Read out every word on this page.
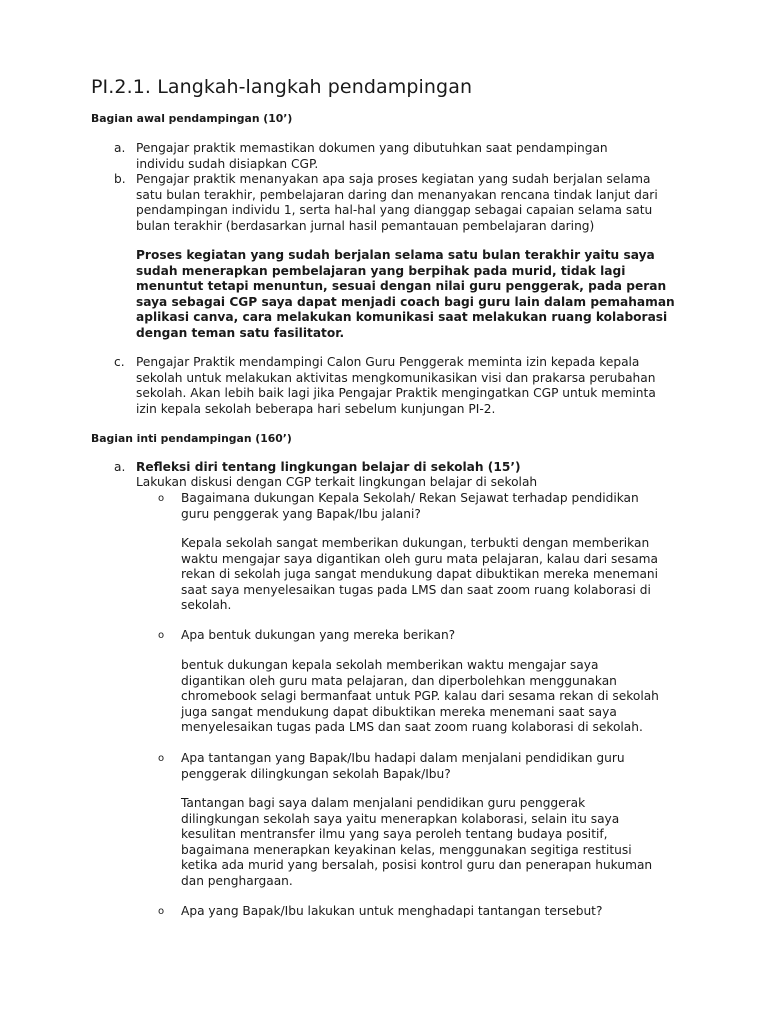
PI.2.1. Langkah-langkah pendampingan
Bagian awal pendampingan (10’)
a. Pengajar praktik memastikan dokumen yang dibutuhkan saat pendampingan
individu sudah disiapkan CGP.
b. Pengajar praktik menanyakan apa saja proses kegiatan yang sudah berjalan selama
satu bulan terakhir, pembelajaran daring dan menanyakan rencana tindak lanjut dari
pendampingan individu 1, serta hal-hal yang dianggap sebagai capaian selama satu
bulan terakhir (berdasarkan jurnal hasil pemantauan pembelajaran daring)
Proses kegiatan yang sudah berjalan selama satu bulan terakhir yaitu saya
sudah menerapkan pembelajaran yang berpihak pada murid, tidak lagi
menuntut tetapi menuntun, sesuai dengan nilai guru penggerak, pada peran
saya sebagai CGP saya dapat menjadi coach bagi guru lain dalam pemahaman
aplikasi canva, cara melakukan komunikasi saat melakukan ruang kolaborasi
dengan teman satu fasilitator.
c. Pengajar Praktik mendampingi Calon Guru Penggerak meminta izin kepada kepala
sekolah untuk melakukan aktivitas mengkomunikasikan visi dan prakarsa perubahan
sekolah. Akan lebih baik lagi jika Pengajar Praktik mengingatkan CGP untuk meminta
izin kepala sekolah beberapa hari sebelum kunjungan PI-2.
Bagian inti pendampingan (160’)
a. Refleksi diri tentang lingkungan belajar di sekolah (15’)
Lakukan diskusi dengan CGP terkait lingkungan belajar di sekolah
o Bagaimana dukungan Kepala Sekolah/ Rekan Sejawat terhadap pendidikan
guru penggerak yang Bapak/Ibu jalani?
Kepala sekolah sangat memberikan dukungan, terbukti dengan memberikan
waktu mengajar saya digantikan oleh guru mata pelajaran, kalau dari sesama
rekan di sekolah juga sangat mendukung dapat dibuktikan mereka menemani
saat saya menyelesaikan tugas pada LMS dan saat zoom ruang kolaborasi di
sekolah.
o Apa bentuk dukungan yang mereka berikan?
bentuk dukungan kepala sekolah memberikan waktu mengajar saya
digantikan oleh guru mata pelajaran, dan diperbolehkan menggunakan
chromebook selagi bermanfaat untuk PGP. kalau dari sesama rekan di sekolah
juga sangat mendukung dapat dibuktikan mereka menemani saat saya
menyelesaikan tugas pada LMS dan saat zoom ruang kolaborasi di sekolah.
o Apa tantangan yang Bapak/Ibu hadapi dalam menjalani pendidikan guru
penggerak dilingkungan sekolah Bapak/Ibu?
Tantangan bagi saya dalam menjalani pendidikan guru penggerak
dilingkungan sekolah saya yaitu menerapkan kolaborasi, selain itu saya
kesulitan mentransfer ilmu yang saya peroleh tentang budaya positif,
bagaimana menerapkan keyakinan kelas, menggunakan segitiga restitusi
ketika ada murid yang bersalah, posisi kontrol guru dan penerapan hukuman
dan penghargaan.
o Apa yang Bapak/Ibu lakukan untuk menghadapi tantangan tersebut?
